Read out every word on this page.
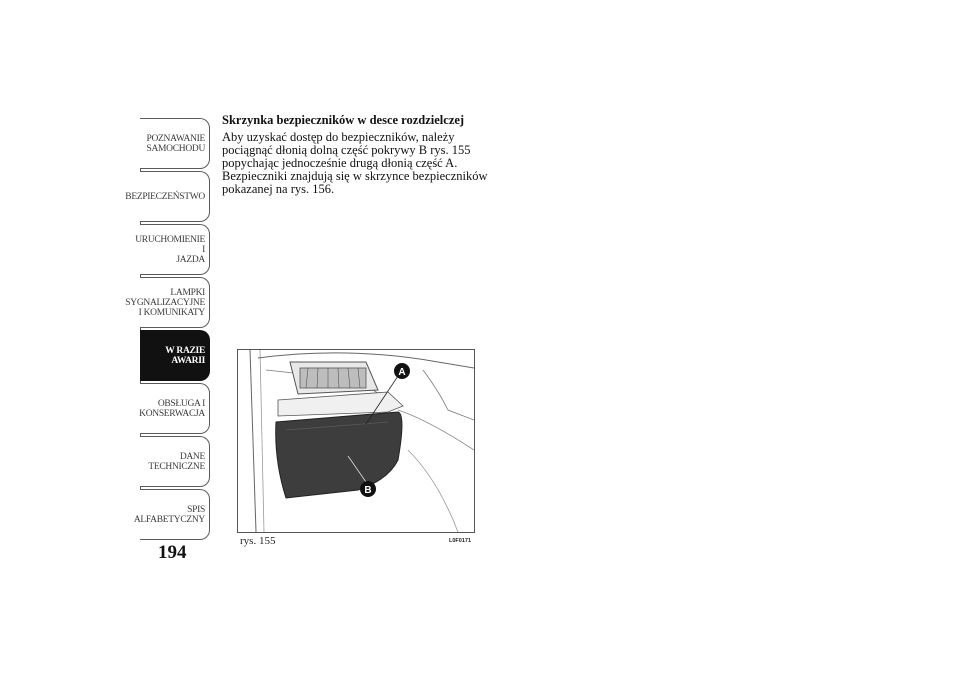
POZNAWANIE
SAMOCHODU
BEZPIECZEŃSTWO
URUCHOMIENIE I
JAZDA
LAMPKI
SYGNALIZACYJNE
I KOMUNIKATY
W RAZIE AWARII
OBSŁUGA I
KONSERWACJA
DANE
TECHNICZNE
SPIS
ALFABETYCZNY
194
Skrzynka bezpieczników w desce rozdzielczej
Aby uzyskać dostęp do bezpieczników, należy
pociągnąć dłonią dolną część pokrywy B rys. 155
popychając jednocześnie drugą dłonią część A.
Bezpieczniki znajdują się w skrzynce bezpieczników
pokazanej na rys. 156.
A
B
rys. 155	L0F0171
